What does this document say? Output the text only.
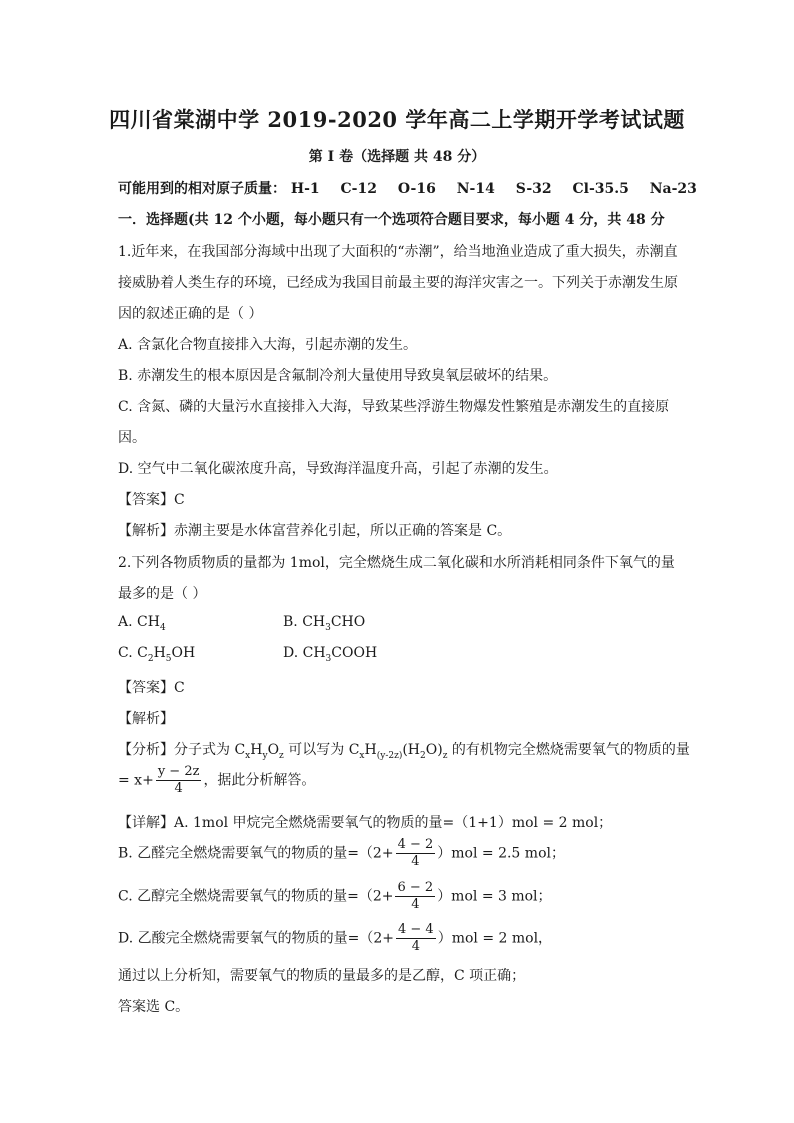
四川省棠湖中学 2019-2020 学年高二上学期开学考试试题
第 I 卷（选择题 共 48 分）
可能用到的相对原子质量： H-1 C-12 O-16 N-14 S-32 Cl-35.5 Na-23
一．选择题(共 12 个小题，每小题只有一个选项符合题目要求，每小题 4 分，共 48 分
1.近年来，在我国部分海域中出现了大面积的“赤潮”，给当地渔业造成了重大损失，赤潮直
接威胁着人类生存的环境，已经成为我国目前最主要的海洋灾害之一。下列关于赤潮发生原
因的叙述正确的是（ ）
A. 含氯化合物直接排入大海，引起赤潮的发生。
B. 赤潮发生的根本原因是含氟制冷剂大量使用导致臭氧层破坏的结果。
C. 含氮、磷的大量污水直接排入大海，导致某些浮游生物爆发性繁殖是赤潮发生的直接原
因。
D. 空气中二氧化碳浓度升高，导致海洋温度升高，引起了赤潮的发生。
【答案】C
【解析】赤潮主要是水体富营养化引起，所以正确的答案是 C。
2.下列各物质物质的量都为 1mol，完全燃烧生成二氧化碳和水所消耗相同条件下氧气的量
最多的是（ ）
A. $CH_4$	B. $CH_3CHO$
C. $C_2H_5OH$	D. $CH_3COOH$
【答案】C
【解析】
【分析】分子式为 $C_xH_yO_z$ 可以写为 $C_xH_{(y-2z)}(H_2O)_z$ 的有机物完全燃烧需要氧气的物质的量
= $x+ \frac{y - 2z}{4}$ ，据此分析解答。
【详解】A. 1mol 甲烷完全燃烧需要氧气的物质的量=（1+1）mol = 2 mol；
B. 乙醛完全燃烧需要氧气的物质的量$=(2+ \frac{4 - 2}{4} )mol = 2.5$ mol；
C. 乙醇完全燃烧需要氧气的物质的量$=(2+ \frac{6 - 2}{4} )mol = 3$ mol；
D. 乙酸完全燃烧需要氧气的物质的量$=(2+ \frac{4 - 4}{4} )mol = 2$ mol，
通过以上分析知，需要氧气的物质的量最多的是乙醇，C 项正确；
答案选 C。
